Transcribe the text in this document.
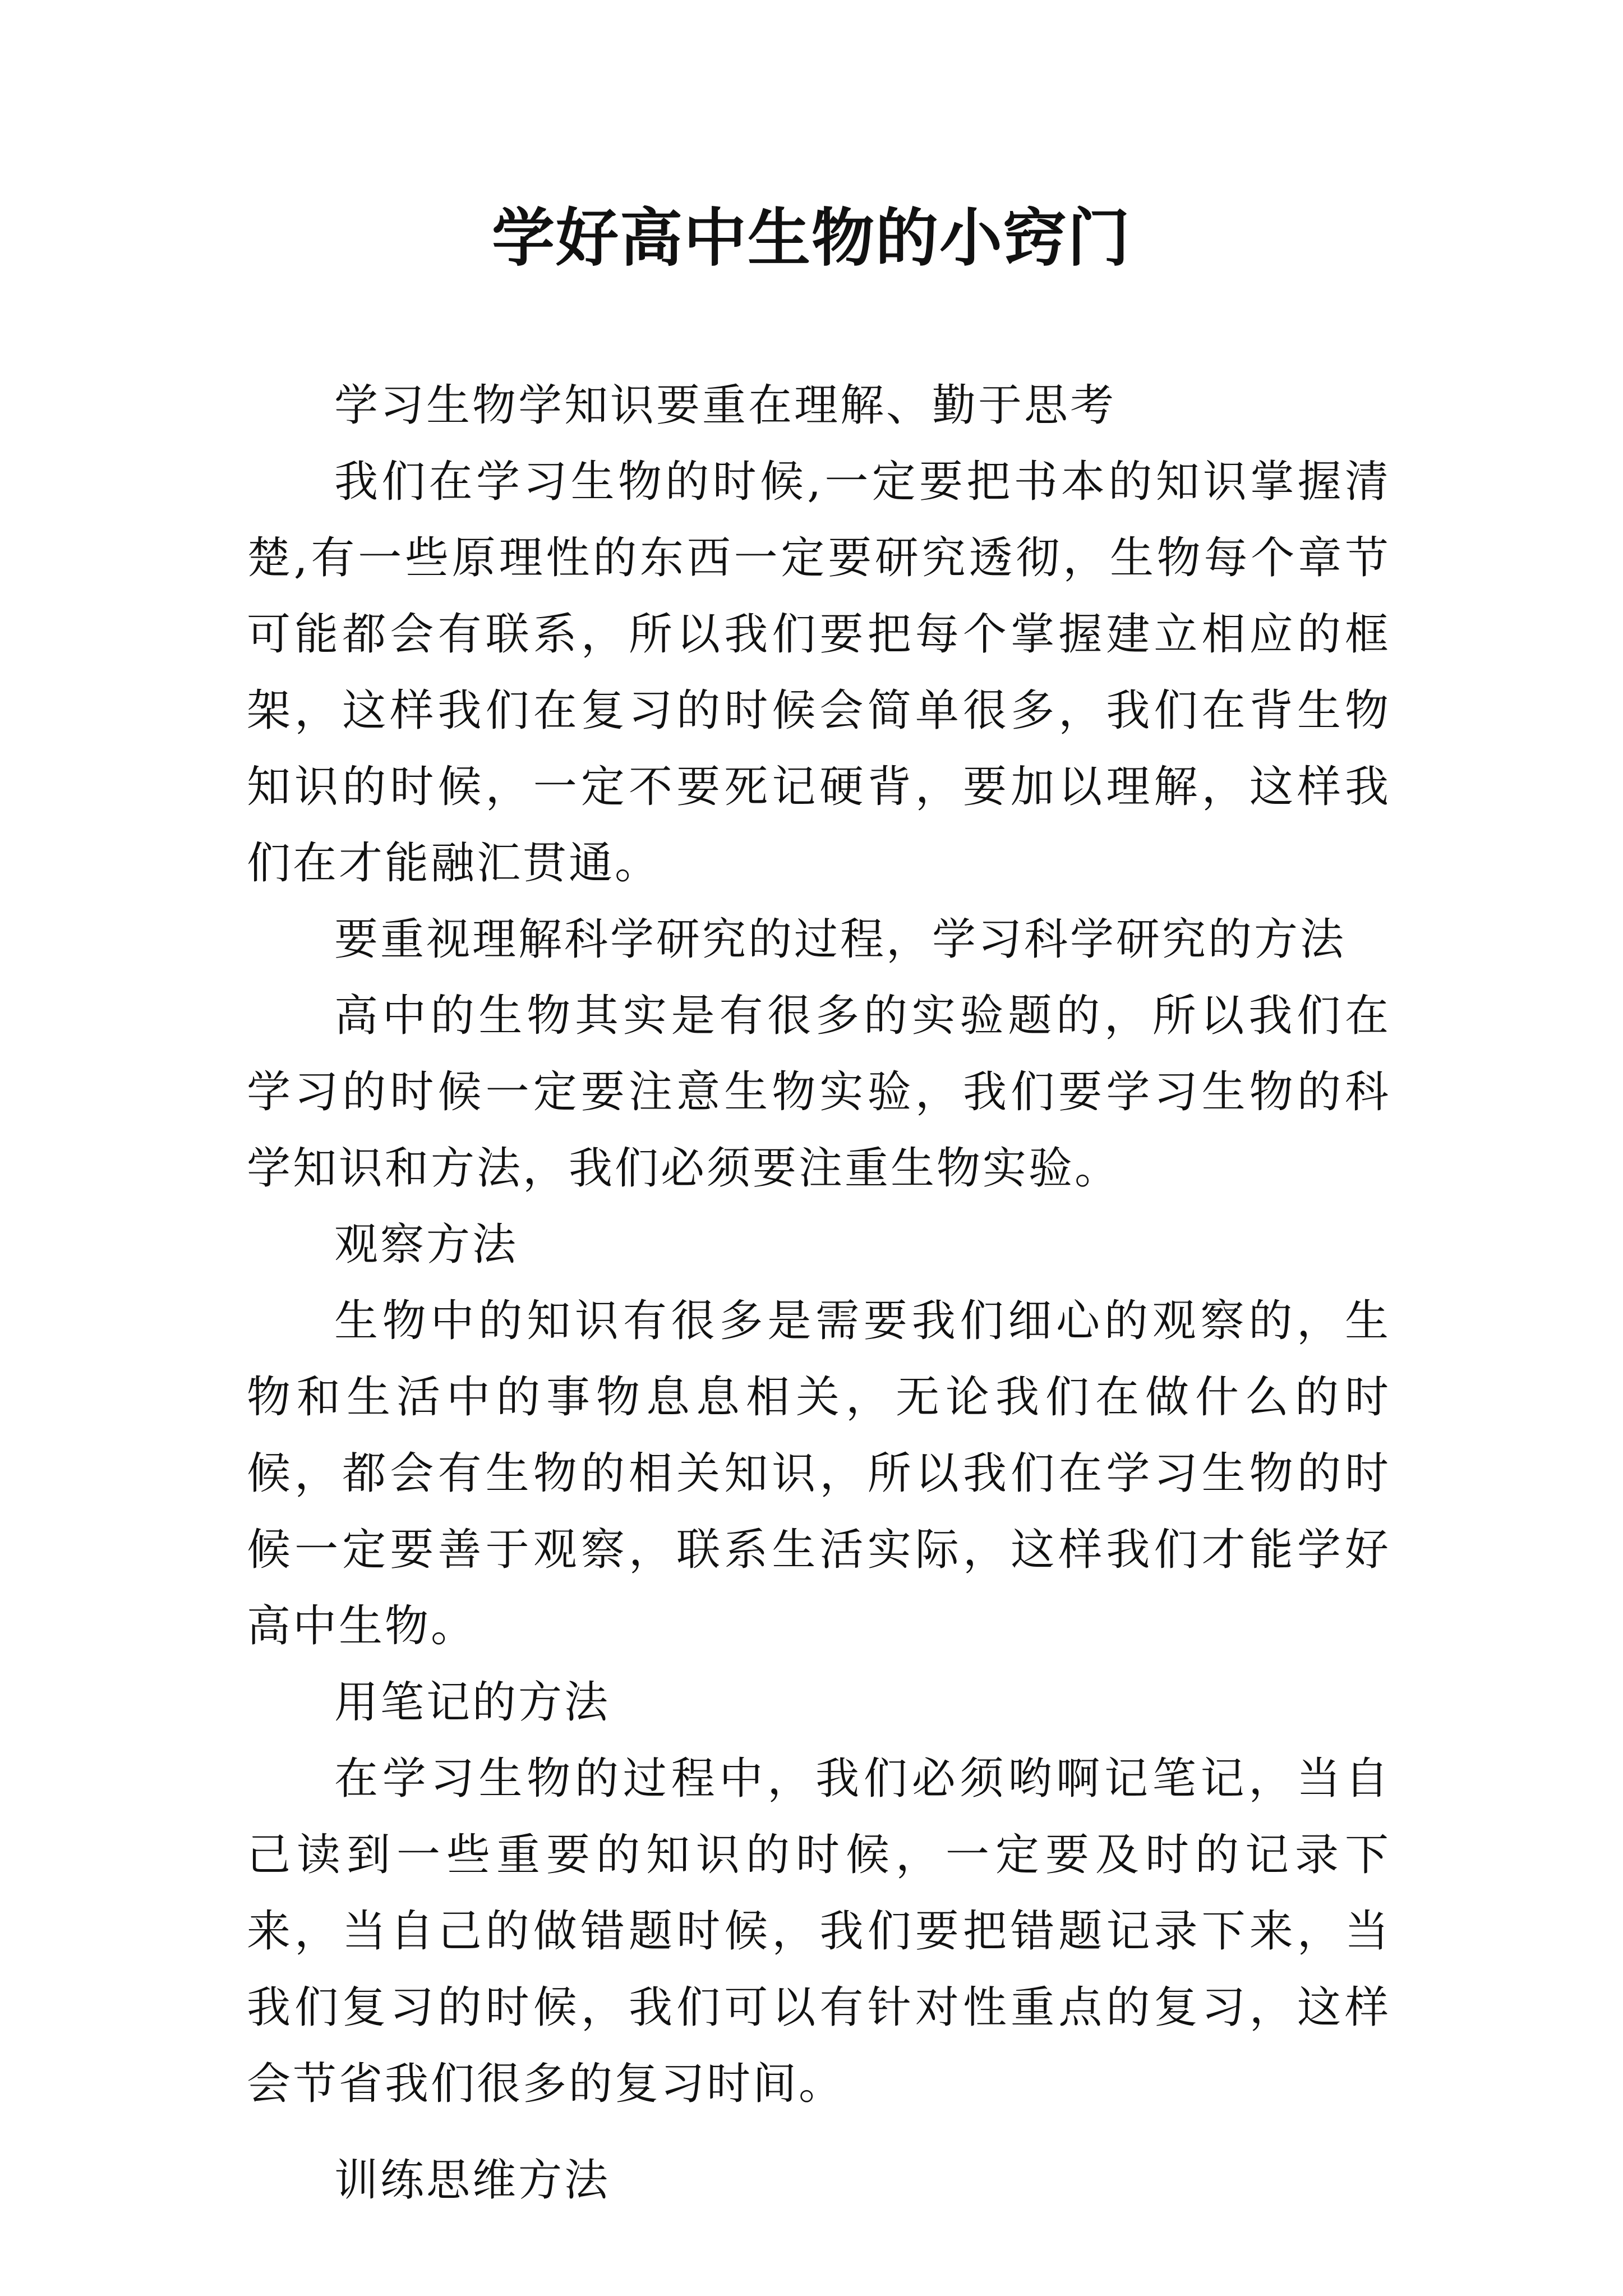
学好高中生物的小窍门

学习生物学知识要重在理解、勤于思考

我们在学习生物的时候,一定要把书本的知识掌握清楚,有一些原理性的东西一定要研究透彻，生物每个章节可能都会有联系，所以我们要把每个掌握建立相应的框架，这样我们在复习的时候会简单很多，我们在背生物知识的时候，一定不要死记硬背，要加以理解，这样我们在才能融汇贯通。

要重视理解科学研究的过程，学习科学研究的方法

高中的生物其实是有很多的实验题的，所以我们在学习的时候一定要注意生物实验，我们要学习生物的科学知识和方法，我们必须要注重生物实验。

观察方法

生物中的知识有很多是需要我们细心的观察的，生物和生活中的事物息息相关，无论我们在做什么的时候，都会有生物的相关知识，所以我们在学习生物的时候一定要善于观察，联系生活实际，这样我们才能学好高中生物。

用笔记的方法

在学习生物的过程中，我们必须哟啊记笔记，当自己读到一些重要的知识的时候，一定要及时的记录下来，当自己的做错题时候，我们要把错题记录下来，当我们复习的时候，我们可以有针对性重点的复习，这样会节省我们很多的复习时间。

训练思维方法
